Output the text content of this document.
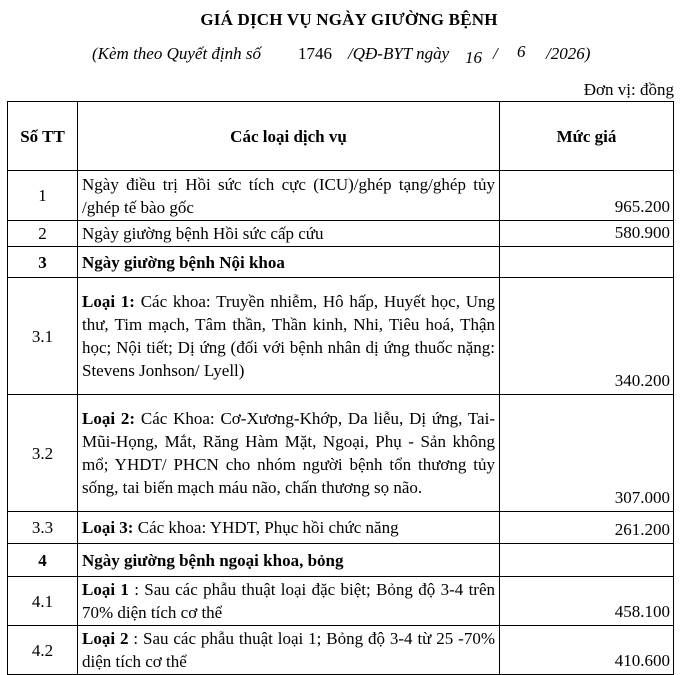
GIÁ DỊCH VỤ NGÀY GIƯỜNG BỆNH
(Kèm theo Quyết định số 1746 /QĐ-BYT ngày 16 / 6 /2026)
Đơn vị: đồng
Số TT	Các loại dịch vụ	Mức giá
1	Ngày điều trị Hồi sức tích cực (ICU)/ghép tạng/ghép tủy /ghép tế bào gốc	965.200
2	Ngày giường bệnh Hồi sức cấp cứu	580.900
3	Ngày giường bệnh Nội khoa	
3.1	Loại 1: Các khoa: Truyền nhiễm, Hô hấp, Huyết học, Ung thư, Tim mạch, Tâm thần, Thần kinh, Nhi, Tiêu hoá, Thận học; Nội tiết; Dị ứng (đối với bệnh nhân dị ứng thuốc nặng: Stevens Jonhson/ Lyell)	340.200
3.2	Loại 2: Các Khoa: Cơ-Xương-Khớp, Da liễu, Dị ứng, Tai-Mũi-Họng, Mắt, Răng Hàm Mặt, Ngoại, Phụ - Sản không mổ; YHDT/ PHCN cho nhóm người bệnh tổn thương tủy sống, tai biến mạch máu não, chấn thương sọ não.	307.000
3.3	Loại 3: Các khoa: YHDT, Phục hồi chức năng	261.200
4	Ngày giường bệnh ngoại khoa, bỏng	
4.1	Loại 1 : Sau các phẫu thuật loại đặc biệt; Bỏng độ 3-4 trên 70% diện tích cơ thể	458.100
4.2	Loại 2 : Sau các phẫu thuật loại 1; Bỏng độ 3-4 từ 25 -70% diện tích cơ thể	410.600
